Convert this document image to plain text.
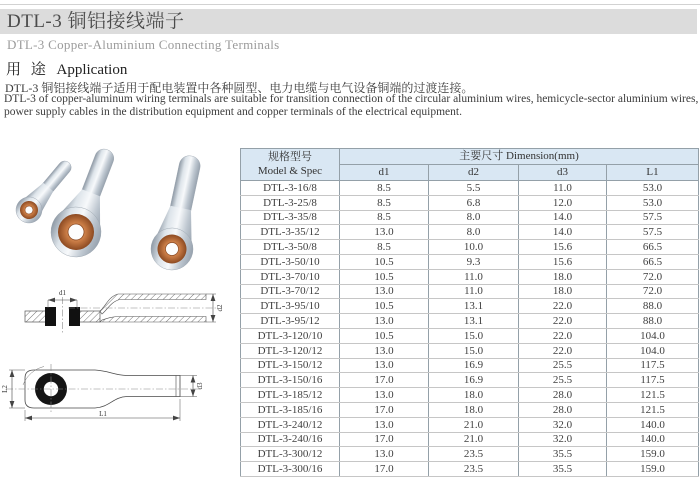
DTL-3 铜铝接线端子
DTL-3 Copper-Aluminium Connecting Terminals
用 途 Application

DTL-3 铜铝接线端子适用于配电装置中各种圆型、电力电缆与电气设备铜端的过渡连接。

DTL-3 of copper-aluminum wiring terminals are suitable for transition connection of the circular aluminium wires, hemicycle-sector aluminium wires, power supply cables in the distribution equipment and copper terminals of the electrical equipment.

d1
d2
L2	d3
L1
规格型号
Model & Spec	主要尺寸 Dimension(mm)			
	d1	d2	d3	L1
DTL-3-16/8	8.5	5.5	11.0	53.0
DTL-3-25/8	8.5	6.8	12.0	53.0
DTL-3-35/8	8.5	8.0	14.0	57.5
DTL-3-35/12	13.0	8.0	14.0	57.5
DTL-3-50/8	8.5	10.0	15.6	66.5
DTL-3-50/10	10.5	9.3	15.6	66.5
DTL-3-70/10	10.5	11.0	18.0	72.0
DTL-3-70/12	13.0	11.0	18.0	72.0
DTL-3-95/10	10.5	13.1	22.0	88.0
DTL-3-95/12	13.0	13.1	22.0	88.0
DTL-3-120/10	10.5	15.0	22.0	104.0
DTL-3-120/12	13.0	15.0	22.0	104.0
DTL-3-150/12	13.0	16.9	25.5	117.5
DTL-3-150/16	17.0	16.9	25.5	117.5
DTL-3-185/12	13.0	18.0	28.0	121.5
DTL-3-185/16	17.0	18.0	28.0	121.5
DTL-3-240/12	13.0	21.0	32.0	140.0
DTL-3-240/16	17.0	21.0	32.0	140.0
DTL-3-300/12	13.0	23.5	35.5	159.0
DTL-3-300/16	17.0	23.5	35.5	159.0
